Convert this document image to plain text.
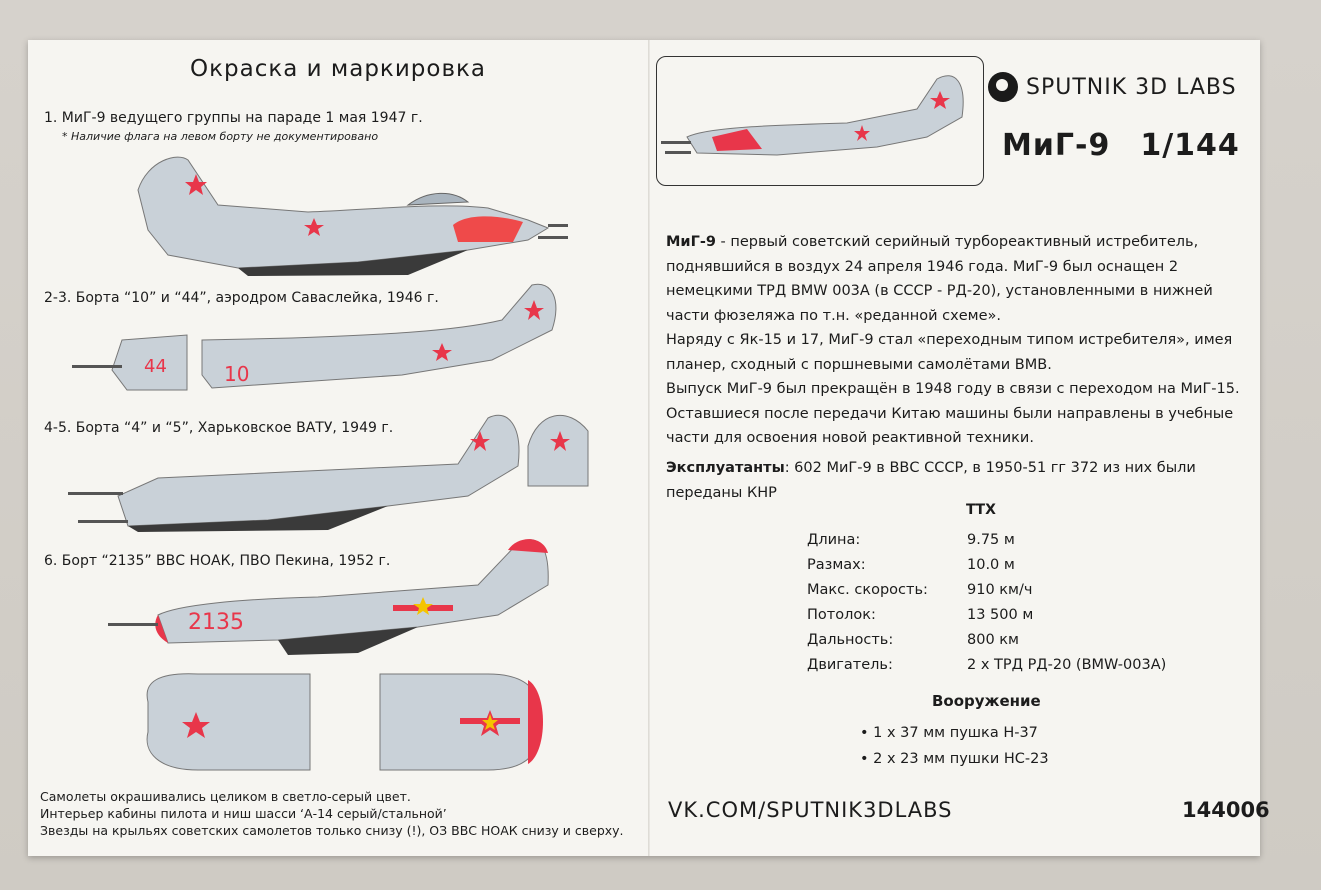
Окраска и маркировка
1. МиГ-9 ведущего группы на параде 1 мая 1947 г.
* Наличие флага на левом борту не документировано
2-3. Борта “10” и “44”, аэродром Саваслейка, 1946 г.
44	10
4-5. Борта “4” и “5”, Харьковское ВАТУ, 1949 г.
6. Борт “2135” ВВС НОАК, ПВО Пекина, 1952 г.
2135
Самолеты окрашивались целиком в светло-серый цвет.
Интерьер кабины пилота и ниш шасси ‘А-14 серый/стальной’
Звезды на крыльях советских самолетов только снизу (!), ОЗ ВВС НОАК снизу и сверху.
SPUTNIK 3D LABS
МиГ-9 1/144

МиГ-9 - первый советский серийный турбореактивный истребитель, поднявшийся в воздух 24 апреля 1946 года. МиГ-9 был оснащен 2 немецкими ТРД BMW 003A (в СССР - РД-20), установленными в нижней части фюзеляжа по т.н. «реданной схеме».

Наряду с Як-15 и 17, МиГ-9 стал «переходным типом истребителя», имея планер, сходный с поршневыми самолётами ВМВ.

Выпуск МиГ-9 был прекращён в 1948 году в связи с переходом на МиГ-15. Оставшиеся после передачи Китаю машины были направлены в учебные части для освоения новой реактивной техники.

Эксплуатанты: 602 МиГ-9 в ВВС СССР, в 1950-51 гг 372 из них были переданы КНР
ТТХ
Длина:	9.75 м
Размах:	10.0 м
Макс. скорость:	910 км/ч
Потолок:	13 500 м
Дальность:	800 км
Двигатель:	2 х ТРД РД-20 (BMW-003A)
Вооружение
• 1 х 37 мм пушка Н-37
• 2 х 23 мм пушки НС-23
VK.COM/SPUTNIK3DLABS	144006
